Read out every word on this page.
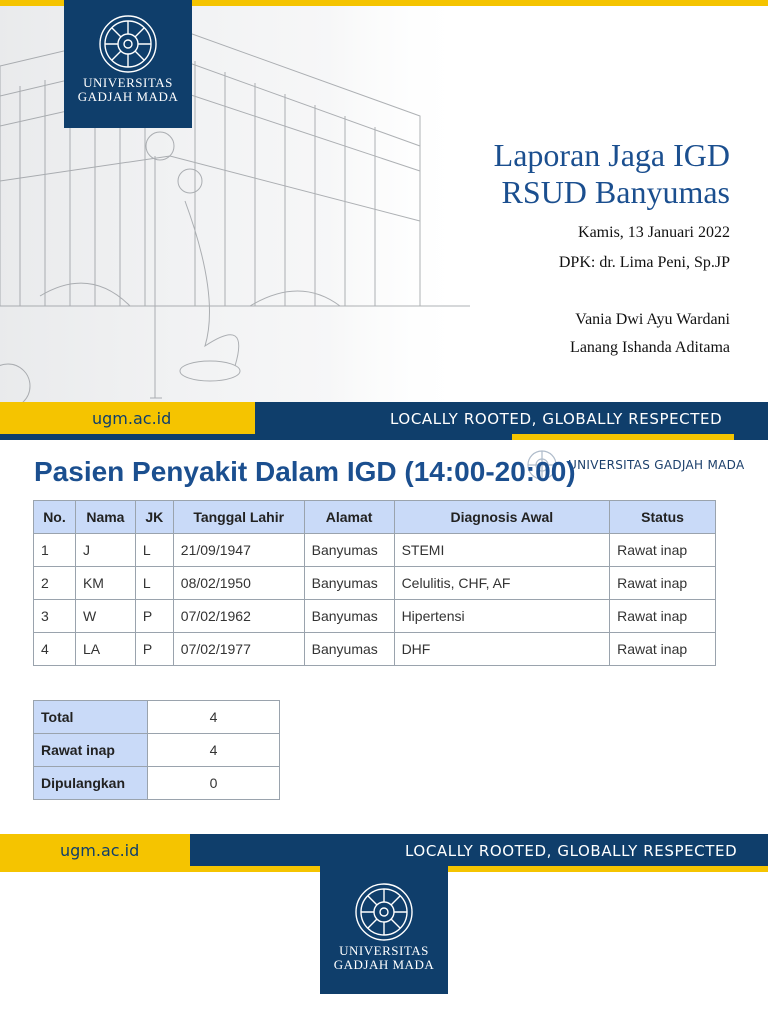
UNIVERSITAS
GADJAH MADA
Laporan Jaga IGD
RSUD Banyumas
Kamis, 13 Januari 2022
DPK: dr. Lima Peni, Sp.JP
Vania Dwi Ayu Wardani
Lanang Ishanda Aditama
ugm.ac.id	LOCALLY ROOTED, GLOBALLY RESPECTED
UNIVERSITAS GADJAH MADA
Pasien Penyakit Dalam IGD (14:00-20:00)
No.	Nama	JK	Tanggal Lahir	Alamat	Diagnosis Awal	Status
1	J	L	21/09/1947	Banyumas	STEMI	Rawat inap
2	KM	L	08/02/1950	Banyumas	Celulitis, CHF, AF	Rawat inap
3	W	P	07/02/1962	Banyumas	Hipertensi	Rawat inap
4	LA	P	07/02/1977	Banyumas	DHF	Rawat inap
Total	4
Rawat inap	4
Dipulangkan	0
ugm.ac.id	LOCALLY ROOTED, GLOBALLY RESPECTED
UNIVERSITAS
GADJAH MADA
